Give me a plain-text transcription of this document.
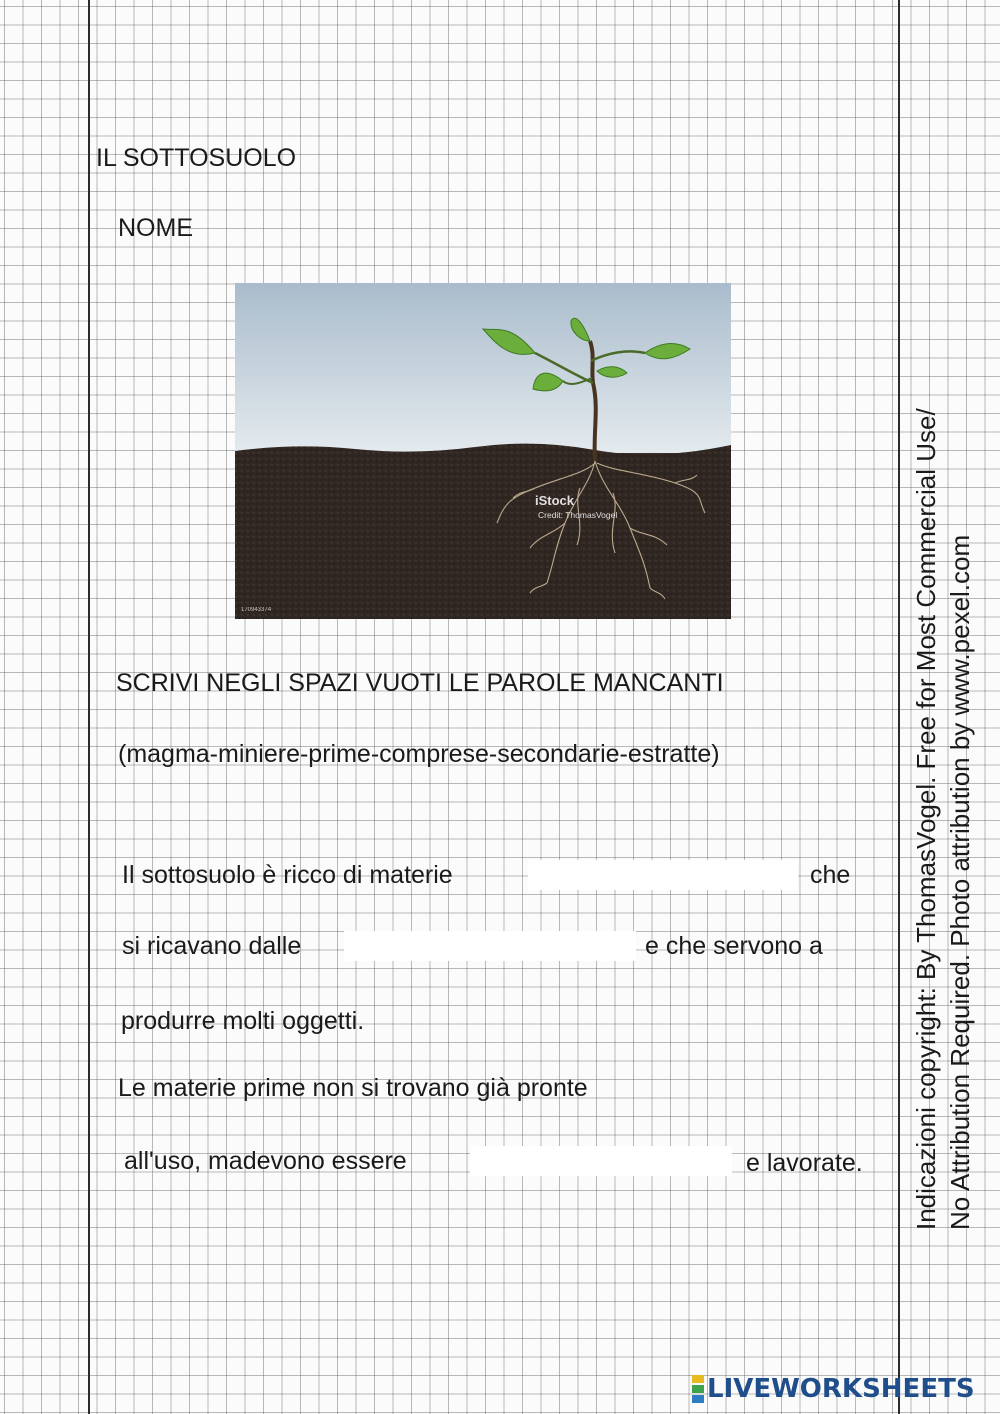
IL SOTTOSUOLO
NOME
iStock
Credit: ThomasVogel
170943374
SCRIVI NEGLI SPAZI VUOTI LE PAROLE MANCANTI
(magma-miniere-prime-comprese-secondarie-estratte)
Il sottosuolo è ricco di materie	che
si ricavano dalle	e che servono a
produrre molti oggetti.
Le materie prime non si trovano già pronte
all'uso, madevono essere	e lavorate. Indicazioni copyright: By ThomasVogel. Free for Most Commercial Use/ No Attribution Required. Photo attribution by www.pexel.com
LIVEWORKSHEETS
